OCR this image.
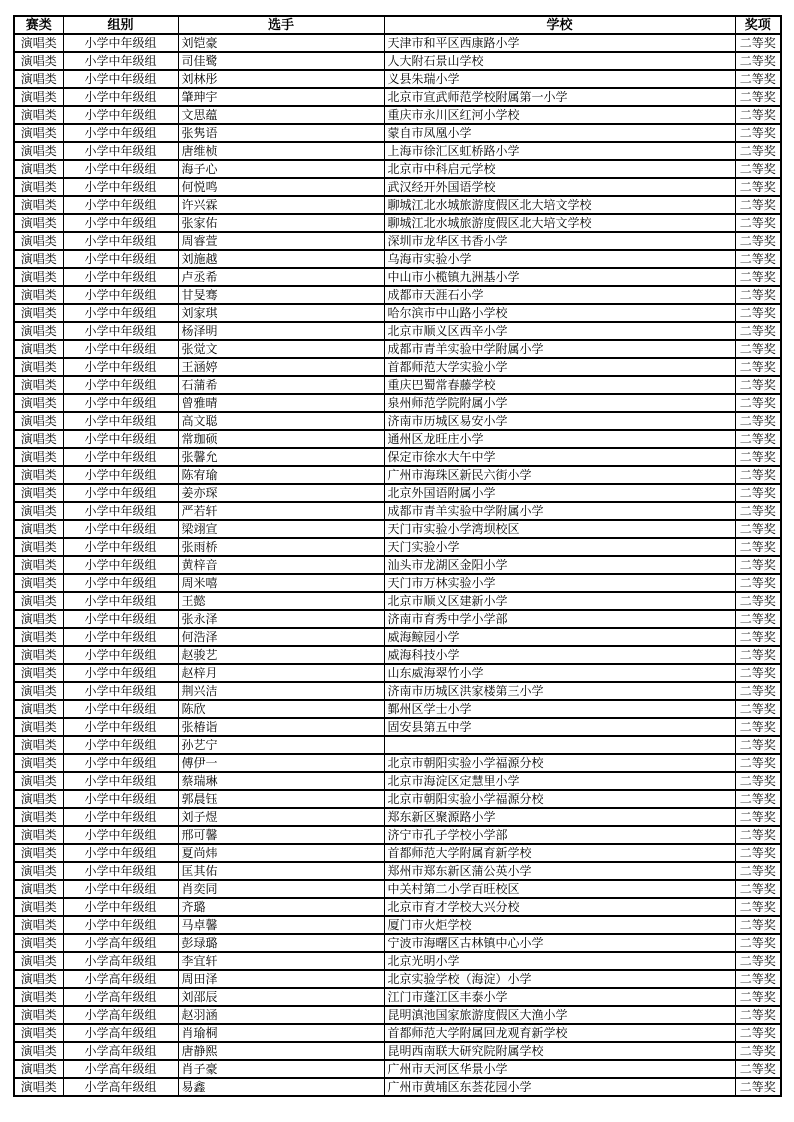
赛类	组别	选手	学校	奖项
演唱类	小学中年级组	刘铠豪	天津市和平区西康路小学	二等奖
演唱类	小学中年级组	司佳鹭	人大附石景山学校	二等奖
演唱类	小学中年级组	刘林彤	义县朱瑞小学	二等奖
演唱类	小学中年级组	肇珅宇	北京市宣武师范学校附属第一小学	二等奖
演唱类	小学中年级组	文思蕴	重庆市永川区红河小学校	二等奖
演唱类	小学中年级组	张隽语	蒙自市凤凰小学	二等奖
演唱类	小学中年级组	唐维桢	上海市徐汇区虹桥路小学	二等奖
演唱类	小学中年级组	海子心	北京市中科启元学校	二等奖
演唱类	小学中年级组	何悦鸣	武汉经开外国语学校	二等奖
演唱类	小学中年级组	许兴霖	聊城江北水城旅游度假区北大培文学校	二等奖
演唱类	小学中年级组	张家佑	聊城江北水城旅游度假区北大培文学校	二等奖
演唱类	小学中年级组	周睿萱	深圳市龙华区书香小学	二等奖
演唱类	小学中年级组	刘施越	乌海市实验小学	二等奖
演唱类	小学中年级组	卢丞希	中山市小榄镇九洲基小学	二等奖
演唱类	小学中年级组	甘旻骞	成都市天涯石小学	二等奖
演唱类	小学中年级组	刘家琪	哈尔滨市中山路小学校	二等奖
演唱类	小学中年级组	杨泽明	北京市顺义区西辛小学	二等奖
演唱类	小学中年级组	张觉文	成都市青羊实验中学附属小学	二等奖
演唱类	小学中年级组	王涵婷	首都师范大学实验小学	二等奖
演唱类	小学中年级组	石蒲希	重庆巴蜀常春藤学校	二等奖
演唱类	小学中年级组	曾雅晴	泉州师范学院附属小学	二等奖
演唱类	小学中年级组	高文聪	济南市历城区易安小学	二等奖
演唱类	小学中年级组	常珈硕	通州区龙旺庄小学	二等奖
演唱类	小学中年级组	张馨允	保定市徐水大午中学	二等奖
演唱类	小学中年级组	陈宥瑜	广州市海珠区新民六街小学	二等奖
演唱类	小学中年级组	姜亦琛	北京外国语附属小学	二等奖
演唱类	小学中年级组	严若轩	成都市青羊实验中学附属小学	二等奖
演唱类	小学中年级组	梁翊宣	天门市实验小学湾坝校区	二等奖
演唱类	小学中年级组	张雨桥	天门实验小学	二等奖
演唱类	小学中年级组	黄梓音	汕头市龙湖区金阳小学	二等奖
演唱类	小学中年级组	周米嘻	天门市万林实验小学	二等奖
演唱类	小学中年级组	王懿	北京市顺义区建新小学	二等奖
演唱类	小学中年级组	张永泽	济南市育秀中学小学部	二等奖
演唱类	小学中年级组	何浩泽	威海鲸园小学	二等奖
演唱类	小学中年级组	赵骏艺	威海科技小学	二等奖
演唱类	小学中年级组	赵梓月	山东威海翠竹小学	二等奖
演唱类	小学中年级组	荆兴洁	济南市历城区洪家楼第三小学	二等奖
演唱类	小学中年级组	陈欣	鄞州区学士小学	二等奖
演唱类	小学中年级组	张椿诣	固安县第五中学	二等奖
演唱类	小学中年级组	孙艺宁		二等奖
演唱类	小学中年级组	傅伊一	北京市朝阳实验小学福源分校	二等奖
演唱类	小学中年级组	蔡瑞琳	北京市海淀区定慧里小学	二等奖
演唱类	小学中年级组	郭晨钰	北京市朝阳实验小学福源分校	二等奖
演唱类	小学中年级组	刘子煜	郑东新区聚源路小学	二等奖
演唱类	小学中年级组	邢可馨	济宁市孔子学校小学部	二等奖
演唱类	小学中年级组	夏尚炜	首都师范大学附属育新学校	二等奖
演唱类	小学中年级组	匡其佑	郑州市郑东新区蒲公英小学	二等奖
演唱类	小学中年级组	肖奕同	中关村第二小学百旺校区	二等奖
演唱类	小学中年级组	齐璐	北京市育才学校大兴分校	二等奖
演唱类	小学中年级组	马卓馨	厦门市火炬学校	二等奖
演唱类	小学高年级组	彭琭璐	宁波市海曙区古林镇中心小学	二等奖
演唱类	小学高年级组	李宜轩	北京光明小学	二等奖
演唱类	小学高年级组	周田泽	北京实验学校（海淀）小学	二等奖
演唱类	小学高年级组	刘邵辰	江门市蓬江区丰泰小学	二等奖
演唱类	小学高年级组	赵羽涵	昆明滇池国家旅游度假区大渔小学	二等奖
演唱类	小学高年级组	肖瑜桐	首都师范大学附属回龙观育新学校	二等奖
演唱类	小学高年级组	唐静熙	昆明西南联大研究院附属学校	二等奖
演唱类	小学高年级组	肖子豪	广州市天河区华景小学	二等奖
演唱类	小学高年级组	易鑫	广州市黄埔区东荟花园小学	二等奖
